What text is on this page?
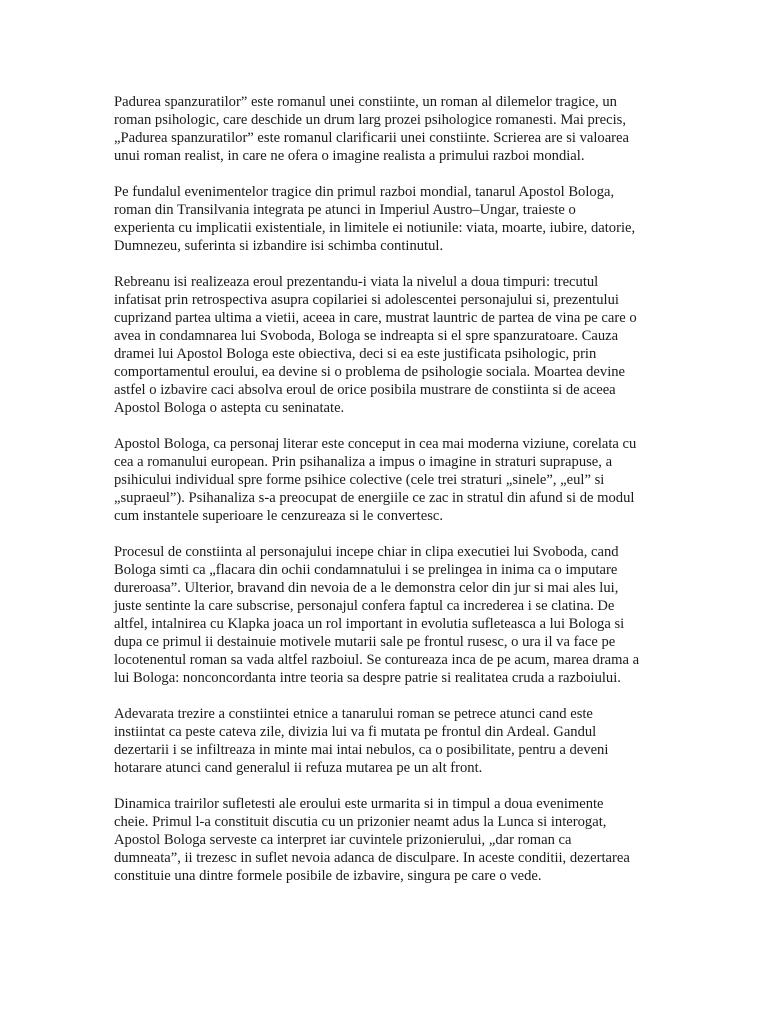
Padurea spanzuratilor” este romanul unei constiinte, un roman al dilemelor tragice, un
roman psihologic, care deschide un drum larg prozei psihologice romanesti. Mai precis,
„Padurea spanzuratilor” este romanul clarificarii unei constiinte. Scrierea are si valoarea
unui roman realist, in care ne ofera o imagine realista a primului razboi mondial.
Pe fundalul evenimentelor tragice din primul razboi mondial, tanarul Apostol Bologa,
roman din Transilvania integrata pe atunci in Imperiul Austro–Ungar, traieste o
experienta cu implicatii existentiale, in limitele ei notiunile: viata, moarte, iubire, datorie,
Dumnezeu, suferinta si izbandire isi schimba continutul.
Rebreanu isi realizeaza eroul prezentandu-i viata la nivelul a doua timpuri: trecutul
infatisat prin retrospectiva asupra copilariei si adolescentei personajului si, prezentului
cuprizand partea ultima a vietii, aceea in care, mustrat launtric de partea de vina pe care o
avea in condamnarea lui Svoboda, Bologa se indreapta si el spre spanzuratoare. Cauza
dramei lui Apostol Bologa este obiectiva, deci si ea este justificata psihologic, prin
comportamentul eroului, ea devine si o problema de psihologie sociala. Moartea devine
astfel o izbavire caci absolva eroul de orice posibila mustrare de constiinta si de aceea
Apostol Bologa o astepta cu seninatate.
Apostol Bologa, ca personaj literar este conceput in cea mai moderna viziune, corelata cu
cea a romanului european. Prin psihanaliza a impus o imagine in straturi suprapuse, a
psihicului individual spre forme psihice colective (cele trei straturi „sinele”, „eul” si
„supraeul”). Psihanaliza s-a preocupat de energiile ce zac in stratul din afund si de modul
cum instantele superioare le cenzureaza si le convertesc.
Procesul de constiinta al personajului incepe chiar in clipa executiei lui Svoboda, cand
Bologa simti ca „flacara din ochii condamnatului i se prelingea in inima ca o imputare
dureroasa”. Ulterior, bravand din nevoia de a le demonstra celor din jur si mai ales lui,
juste sentinte la care subscrise, personajul confera faptul ca increderea i se clatina. De
altfel, intalnirea cu Klapka joaca un rol important in evolutia sufleteasca a lui Bologa si
dupa ce primul ii destainuie motivele mutarii sale pe frontul rusesc, o ura il va face pe
locotenentul roman sa vada altfel razboiul. Se contureaza inca de pe acum, marea drama a
lui Bologa: nonconcordanta intre teoria sa despre patrie si realitatea cruda a razboiului.
Adevarata trezire a constiintei etnice a tanarului roman se petrece atunci cand este
instiintat ca peste cateva zile, divizia lui va fi mutata pe frontul din Ardeal. Gandul
dezertarii i se infiltreaza in minte mai intai nebulos, ca o posibilitate, pentru a deveni
hotarare atunci cand generalul ii refuza mutarea pe un alt front.
Dinamica trairilor sufletesti ale eroului este urmarita si in timpul a doua evenimente
cheie. Primul l-a constituit discutia cu un prizonier neamt adus la Lunca si interogat,
Apostol Bologa serveste ca interpret iar cuvintele prizonierului, „dar roman ca
dumneata”, ii trezesc in suflet nevoia adanca de disculpare. In aceste conditii, dezertarea
constituie una dintre formele posibile de izbavire, singura pe care o vede.
